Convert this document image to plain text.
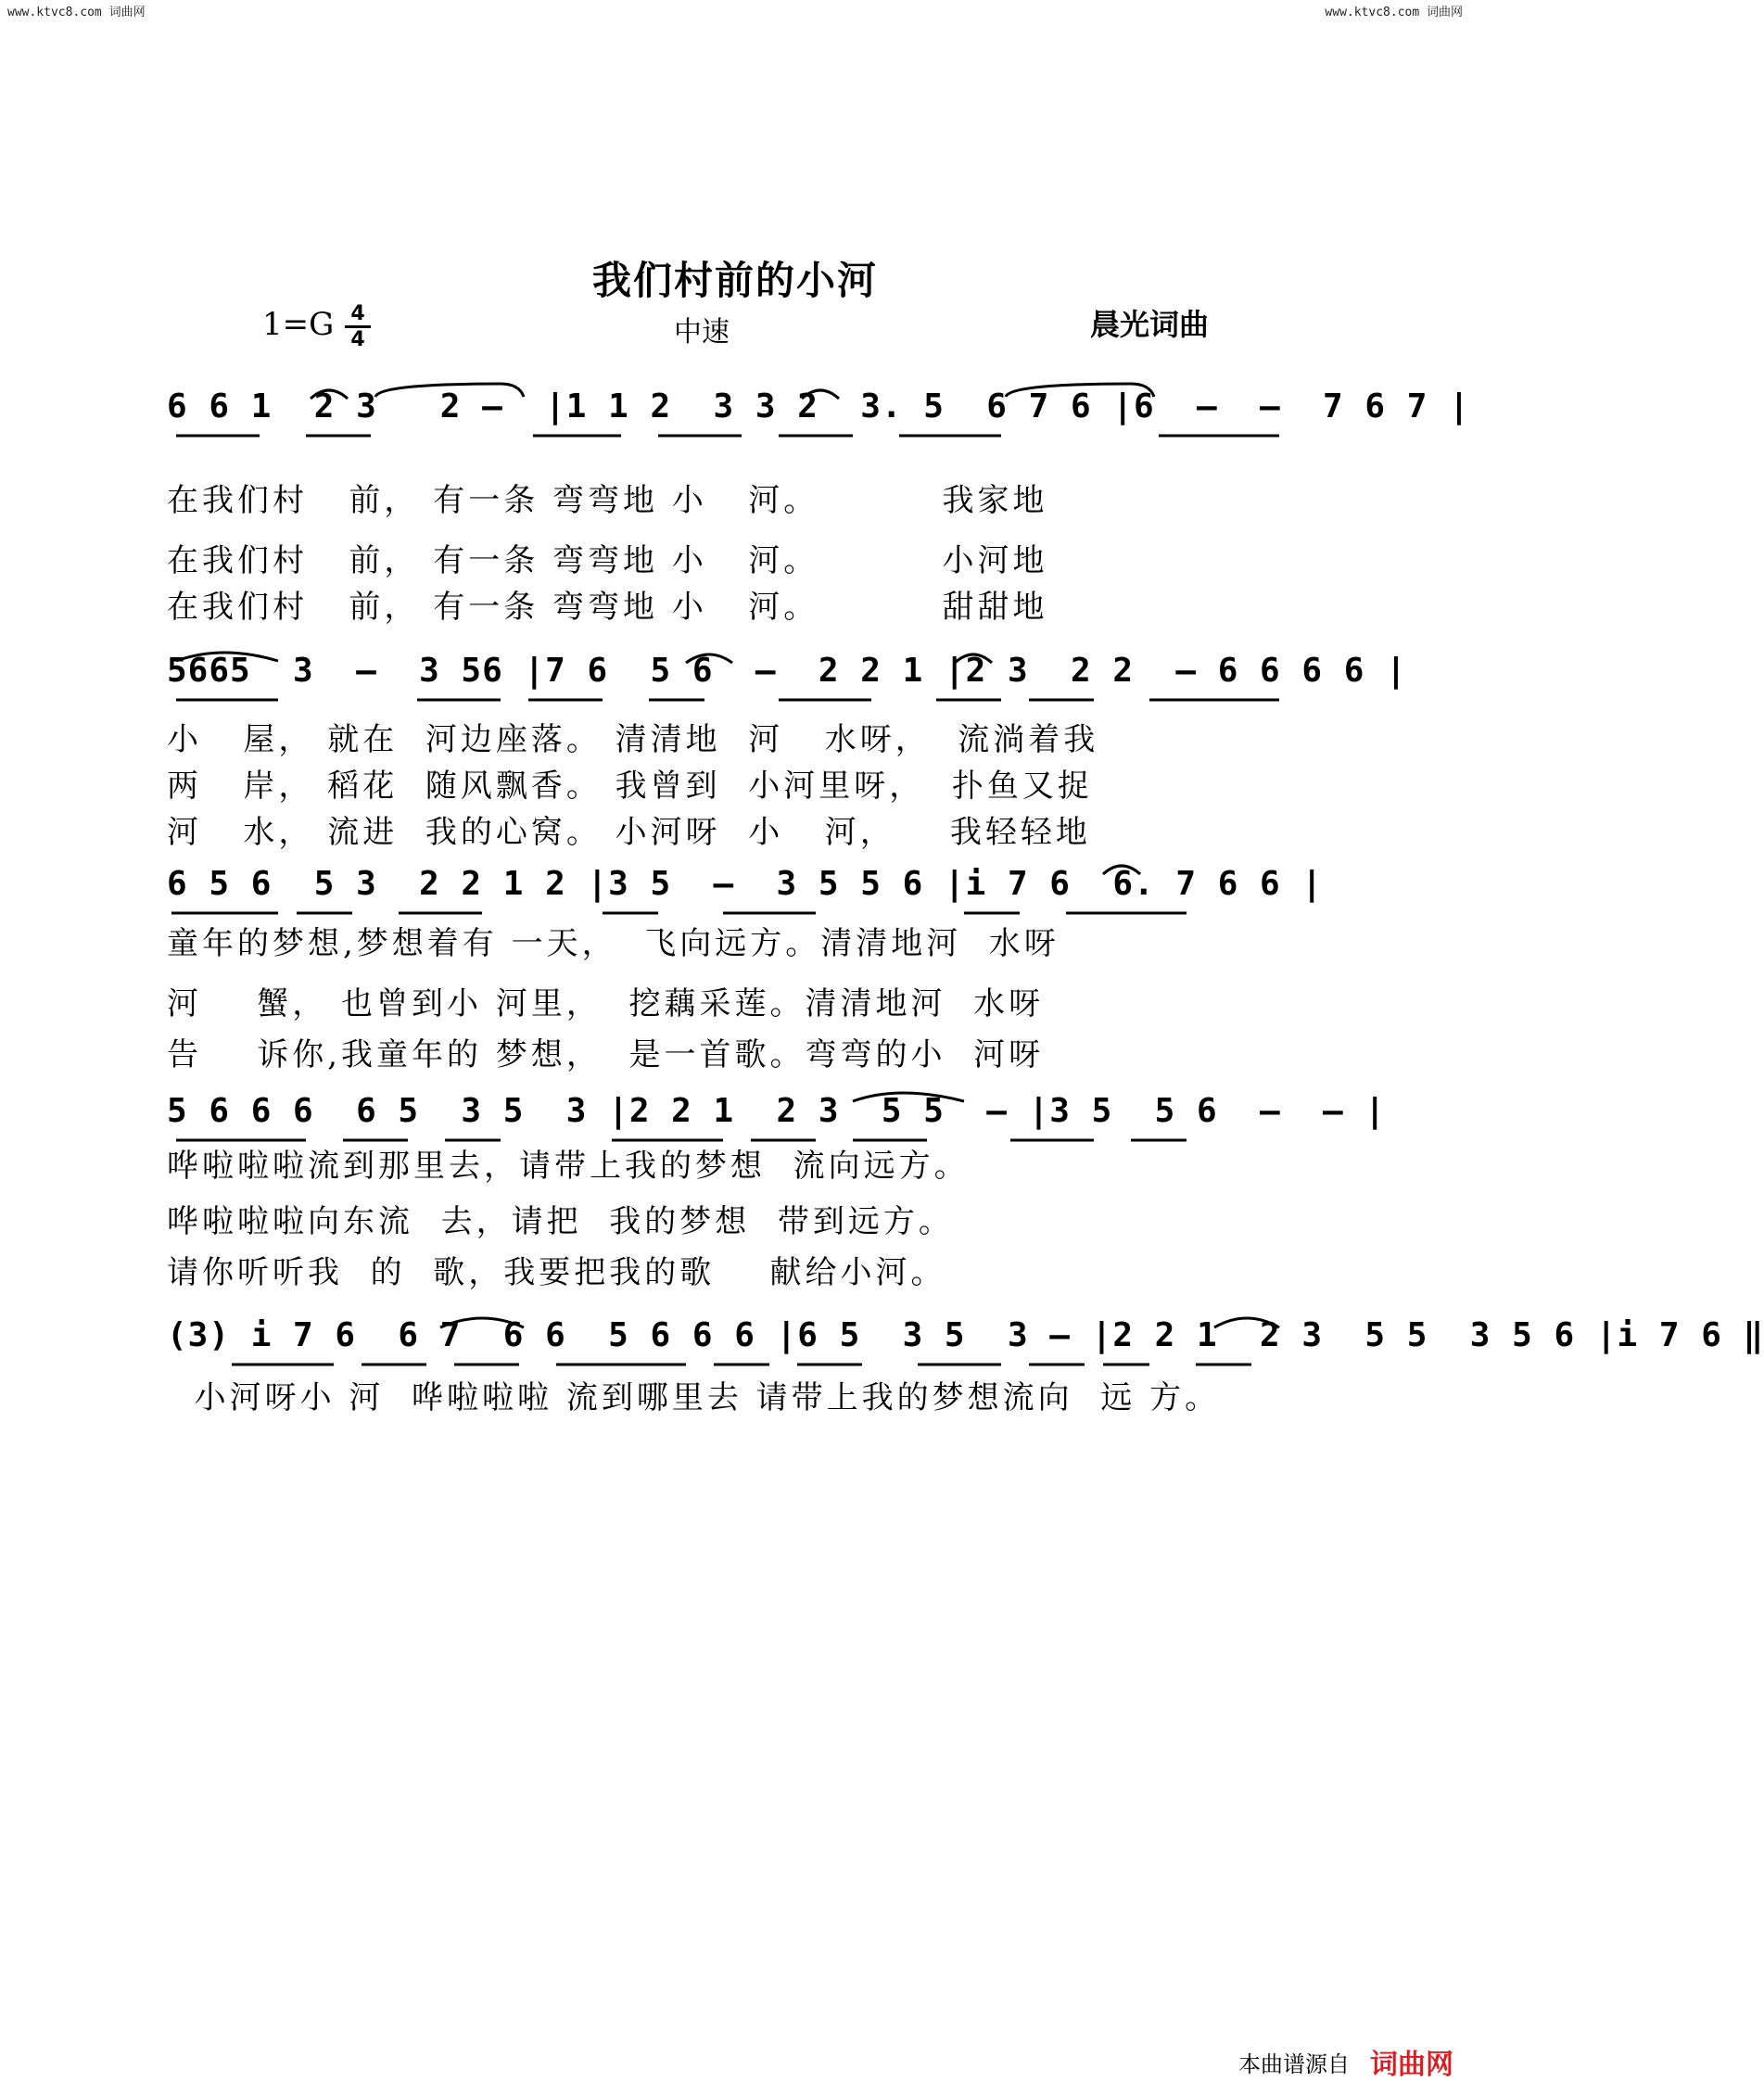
www.ktvc8.com 词曲网	www.ktvc8.com 词曲网
我们村前的小河
1=G 4
4	中速	晨光词曲
6 6 1  2 3   2 –  |1 1 2  3 3 2  3. 5  6 7 6 |6  –  –  7 6 7 |
在我们村   前， 有一条 弯弯地 小   河。         我家地
在我们村   前， 有一条 弯弯地 小   河。         小河地
在我们村   前， 有一条 弯弯地 小   河。         甜甜地
5665  3  –  3 56 |7 6  5 6  –  2 2 1 |2 3  2 2  – 6 6 6 6 |
小   屋， 就在  河边座落。 清清地  河   水呀，  流淌着我
两   岸， 稻花  随风飘香。 我曾到  小河里呀，  扑鱼又捉
河   水， 流进  我的心窝。 小河呀  小   河，    我轻轻地
6 5 6  5 3  2 2 1 2 |3 5  –  3 5 5 6 |i 7 6  6. 7 6 6 |
童年的梦想,梦想着有 一天，  飞向远方。清清地河  水呀
河    蟹， 也曾到小 河里，  挖藕采莲。清清地河  水呀
告    诉你,我童年的 梦想，  是一首歌。弯弯的小  河呀
5 6 6 6  6 5  3 5  3 |2 2 1  2 3  5 5  – |3 5  5 6  –  – |
哗啦啦啦流到那里去，请带上我的梦想  流向远方。
哗啦啦啦向东流  去，请把  我的梦想  带到远方。
请你听听我  的  歌，我要把我的歌    献给小河。
(3) i 7 6  6 7  6 6  5 6 6 6 |6 5  3 5  3 – |2 2 1  2 3  5 5  3 5 6 |i 7 6 ‖
小河呀小 河  哗啦啦啦 流到哪里去 请带上我的梦想流向  远 方。
本曲谱源自 词曲网
